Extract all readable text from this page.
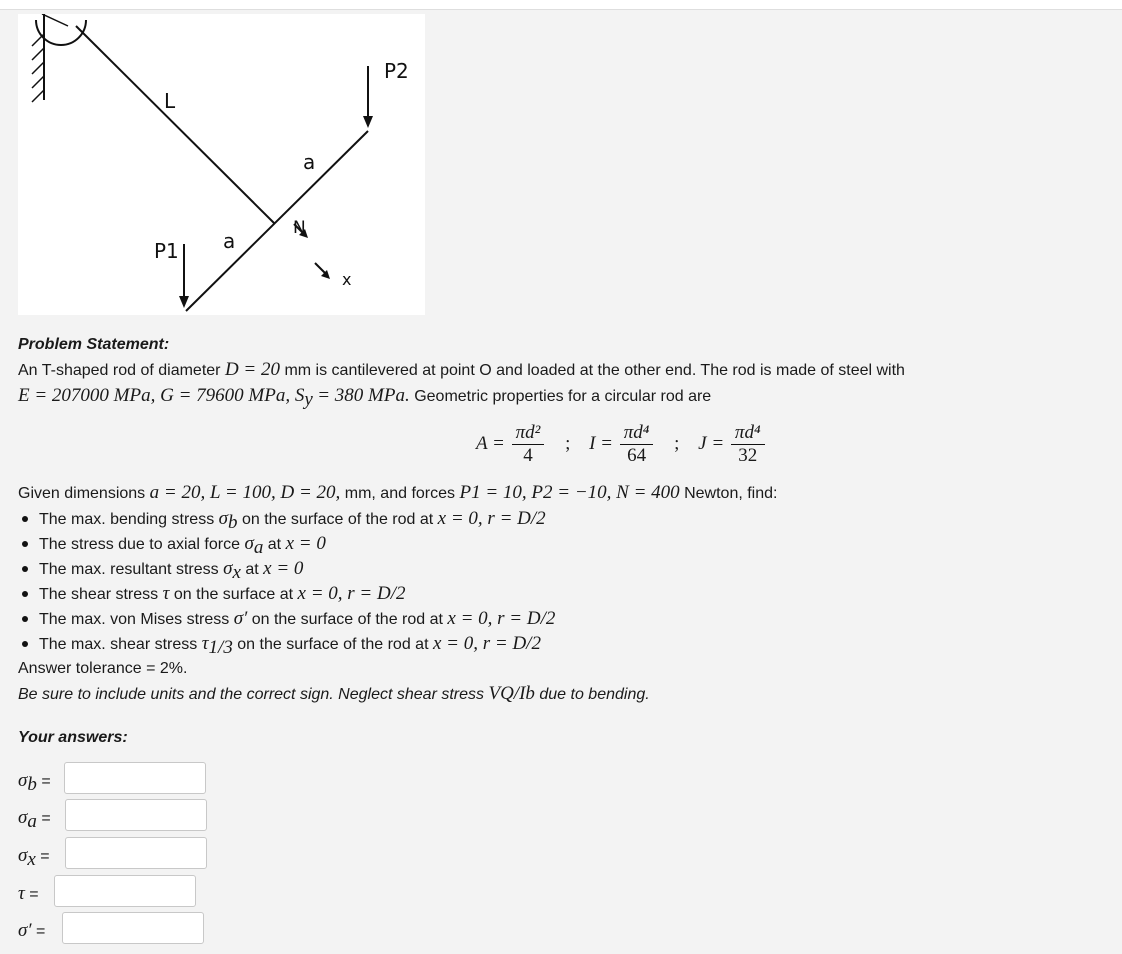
L
P2
a
N
P1 a
x

Problem Statement:

An T-shaped rod of diameter D = 20 mm is cantilevered at point O and loaded at the other end. The rod is made of steel with
E = 207000 MPa, G = 79600 MPa, $S_y = 380$ MPa. Geometric properties for a circular rod are
$A = \frac{\text{πd²}}{4}$ ; $I = \frac{\text{πd⁴}}{64}$ ; $J = \frac{\text{πd⁴}}{32}$
Given dimensions a = 20, L = 100, D = 20, mm, and forces P1 = 10, P2 = −10, N = 400 Newton, find:
The max. bending stress $\sigma_b$ on the surface of the rod at x = 0, r = D/2
The stress due to axial force $\sigma_a$ at x = 0
The max. resultant stress $\sigma_x$ at x = 0
The shear stress τ on the surface at x = 0, r = D/2
The max. von Mises stress σ′ on the surface of the rod at x = 0, r = D/2
The max. shear stress $\tau_{1/3}$ on the surface of the rod at x = 0, r = D/2
Answer tolerance = 2%.
Be sure to include units and the correct sign. Neglect shear stress VQ/Ib due to bending.
Your answers:
$\sigma_b$ =
$\sigma_a$ =
$\sigma_x$ =
τ =
σ′ =
